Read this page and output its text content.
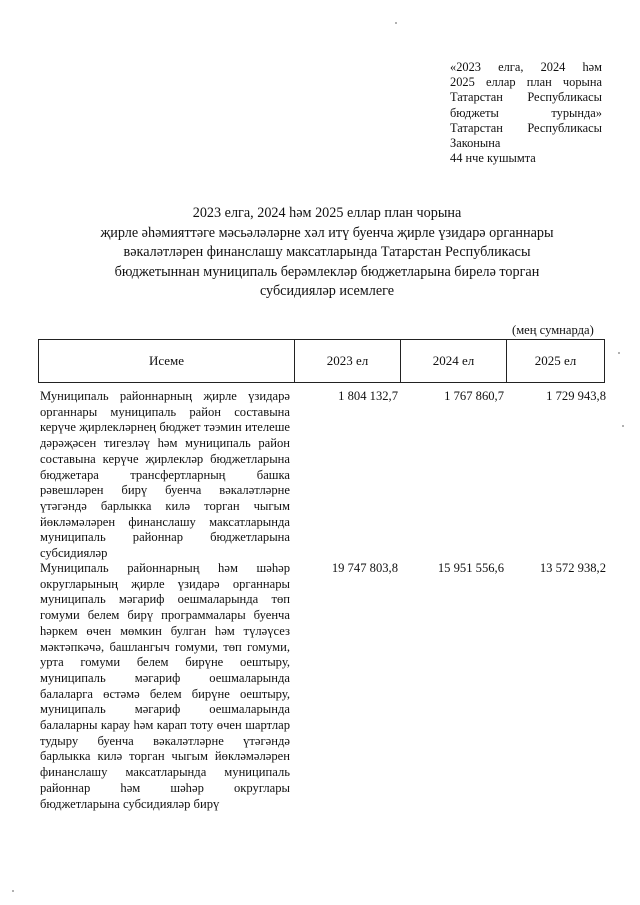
«2023 елга, 2024 һәм
2025 еллар план чорына
Татарстан Республикасы
бюджеты турында»
Татарстан Республикасы
Законына
44 нче кушымта
2023 елга, 2024 һәм 2025 еллар план чорына
җирле әһәмияттәге мәсьәләләрне хәл итү буенча җирле үзидарә органнары
вәкаләтләрен финанслашу максатларында Татарстан Республикасы
бюджетыннан муниципаль берәмлекләр бюджетларына бирелә торган
субсидияләр исемлеге
(мең сумнарда)
Исеме	2023 ел	2024 ел	2025 ел
Муниципаль районнарның җирле үзидарә органнары муниципаль район составына керүче җирлекләрнең бюджет тәэмин ителеше дәрәҗәсен тигезләү һәм муниципаль район составына керүче җирлекләр бюджетларына бюджетара трансфертларның башка рәвешләрен бирү буенча вәкаләтләрне үтәгәндә барлыкка килә торган чыгым йөкләмәләрен финанслашу максатларында муниципаль районнар бюджетларына субсидияләр
1 804 132,7	1 767 860,7	1 729 943,8
Муниципаль районнарның һәм шәһәр округларының җирле үзидарә органнары муниципаль мәгариф оешмаларында төп гомуми белем бирү программалары буенча һәркем өчен мөмкин булган һәм түләүсез мәктәпкәчә, башлангыч гомуми, төп гомуми, урта гомуми белем бирүне оештыру, муниципаль мәгариф оешмаларында балаларга өстәмә белем бирүне оештыру, муниципаль мәгариф оешмаларында балаларны карау һәм карап тоту өчен шартлар тудыру буенча вәкаләтләрне үтәгәндә барлыкка килә торган чыгым йөкләмәләрен финанслашу максатларында муниципаль районнар һәм шәһәр округлары бюджетларына субсидияләр бирү
19 747 803,8	15 951 556,6	13 572 938,2
